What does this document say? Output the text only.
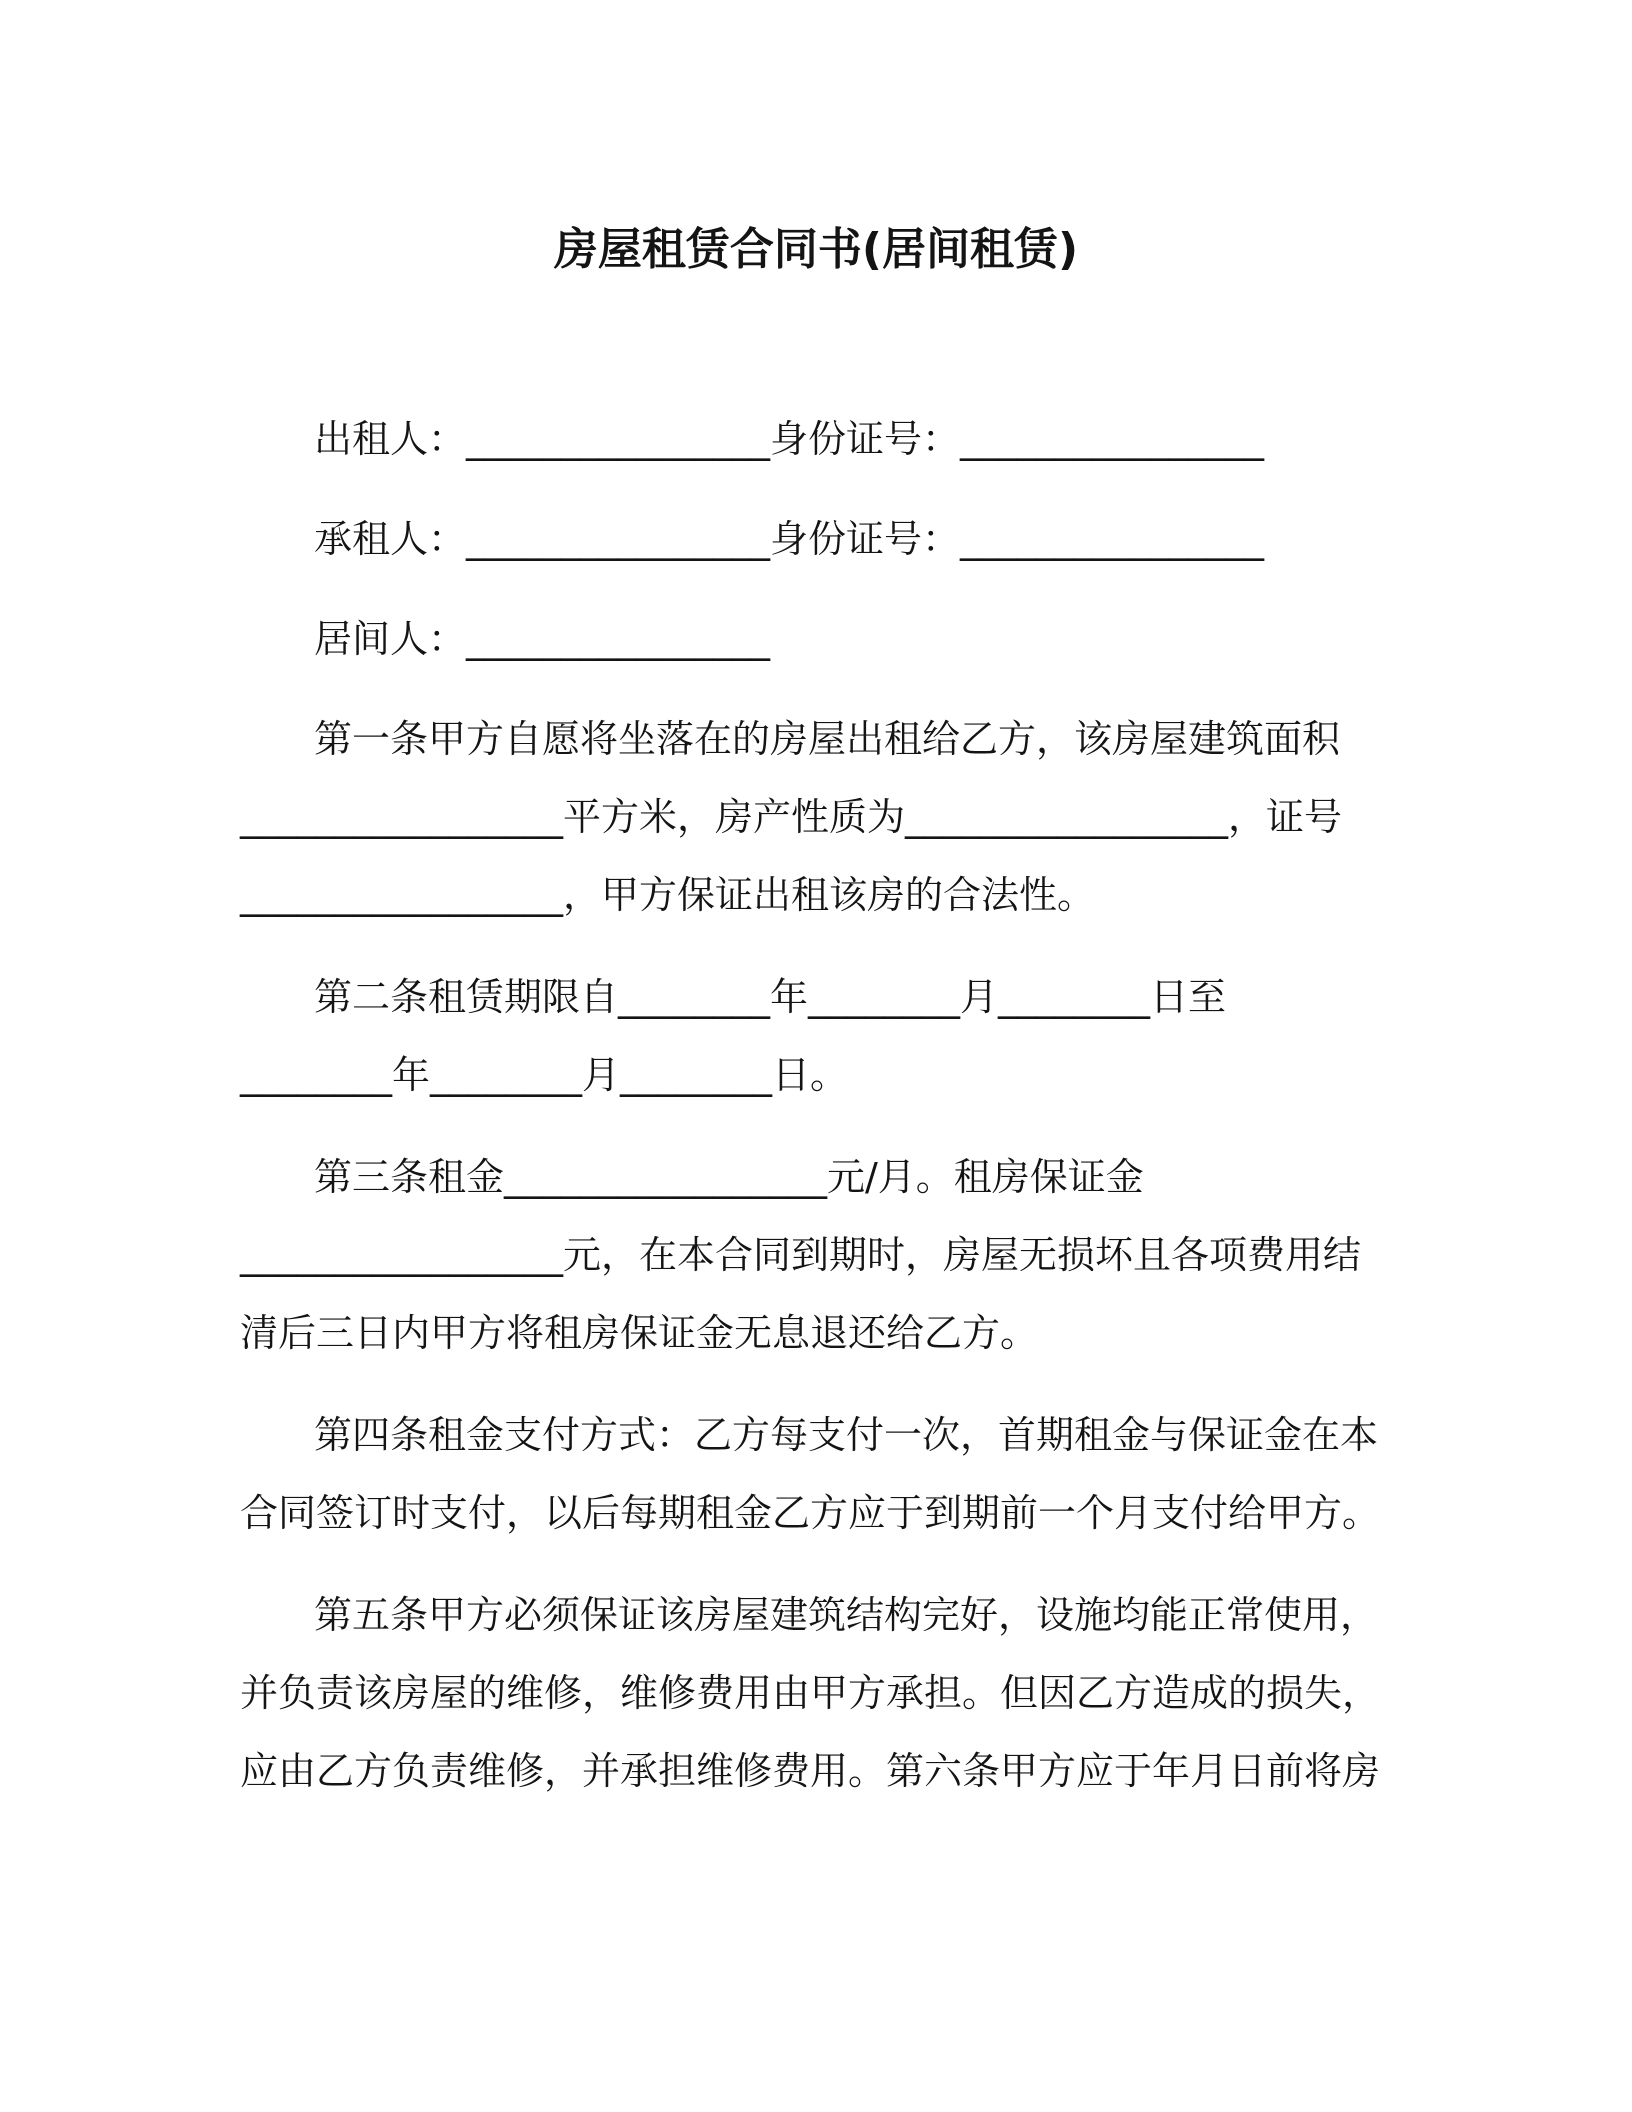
房屋租赁合同书(居间租赁)
出租人：________________身份证号：________________
承租人：________________身份证号：________________
居间人：________________
第一条甲方自愿将坐落在的房屋出租给乙方，该房屋建筑面积
_________________平方米，房产性质为_________________，证号
_________________，甲方保证出租该房的合法性。
第二条租赁期限自________年________月________日至
________年________月________日。
第三条租金_________________元/月。租房保证金
_________________元，在本合同到期时，房屋无损坏且各项费用结
清后三日内甲方将租房保证金无息退还给乙方。
第四条租金支付方式：乙方每支付一次，首期租金与保证金在本
合同签订时支付，以后每期租金乙方应于到期前一个月支付给甲方。
第五条甲方必须保证该房屋建筑结构完好，设施均能正常使用，
并负责该房屋的维修，维修费用由甲方承担。但因乙方造成的损失，
应由乙方负责维修，并承担维修费用。第六条甲方应于年月日前将房
